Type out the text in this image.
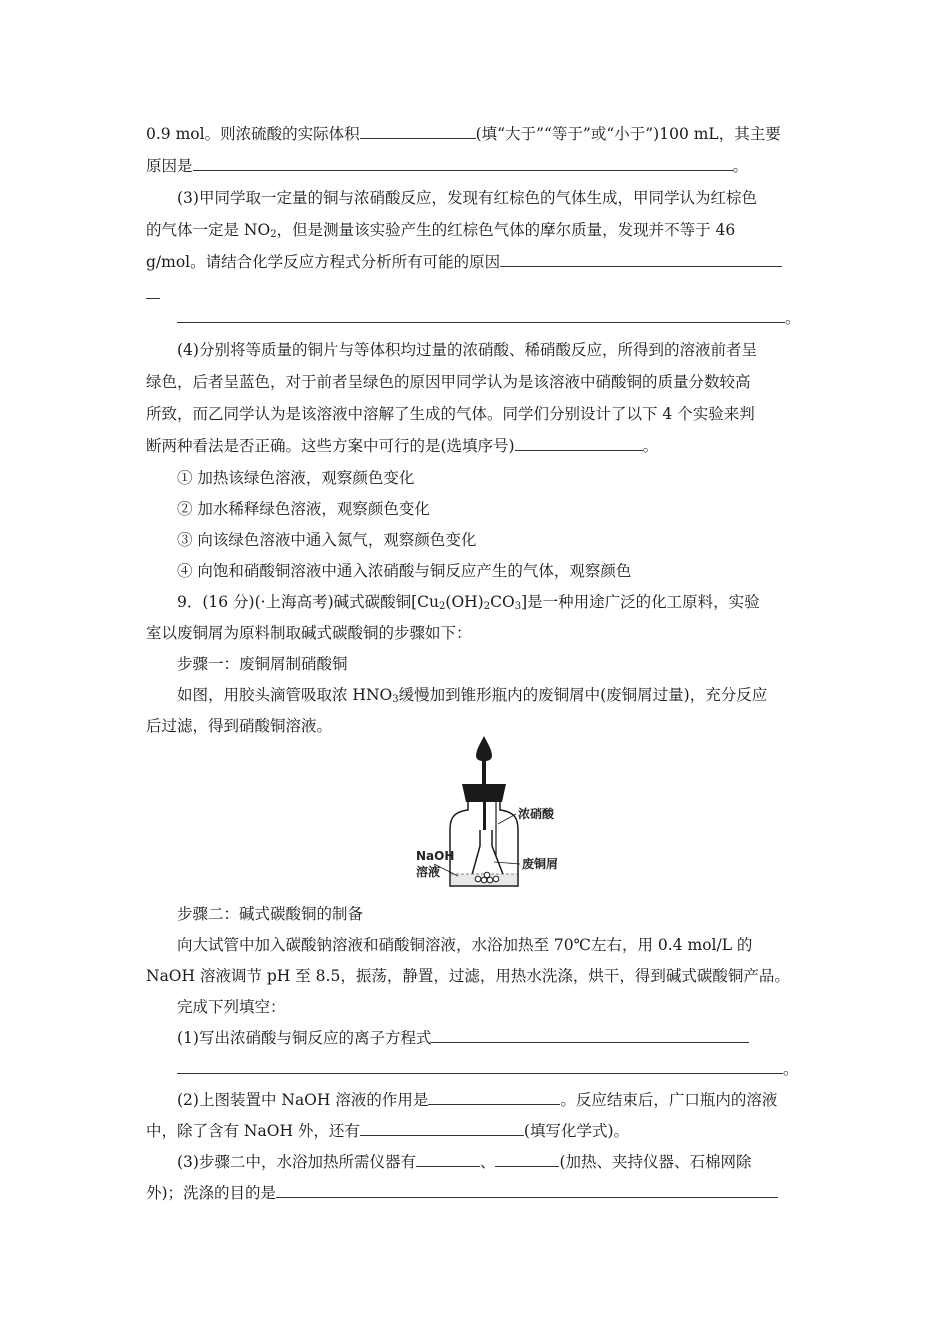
0.9 mol。则浓硫酸的实际体积	(填“大于”“等于”或“小于”)100 mL，其主要
原因是	。
(3)甲同学取一定量的铜与浓硝酸反应，发现有红棕色的气体生成，甲同学认为红棕色
的气体一定是 $NO_2$，但是测量该实验产生的红棕色气体的摩尔质量，发现并不等于 46
g/mol。请结合化学反应方程式分析所有可能的原因
。
(4)分别将等质量的铜片与等体积均过量的浓硝酸、稀硝酸反应，所得到的溶液前者呈
绿色，后者呈蓝色，对于前者呈绿色的原因甲同学认为是该溶液中硝酸铜的质量分数较高
所致，而乙同学认为是该溶液中溶解了生成的气体。同学们分别设计了以下 4 个实验来判
断两种看法是否正确。这些方案中可行的是(选填序号)	。
① 加热该绿色溶液，观察颜色变化
② 加水稀释绿色溶液，观察颜色变化
③ 向该绿色溶液中通入氮气，观察颜色变化
④ 向饱和硝酸铜溶液中通入浓硝酸与铜反应产生的气体，观察颜色
9．(16 分)(·上海高考)碱式碳酸铜$[Cu_2(OH)_2CO_3]$是一种用途广泛的化工原料，实验
室以废铜屑为原料制取碱式碳酸铜的步骤如下：
步骤一：废铜屑制硝酸铜
如图，用胶头滴管吸取浓 $HNO_3$缓慢加到锥形瓶内的废铜屑中(废铜屑过量)，充分反应
后过滤，得到硝酸铜溶液。
浓硝酸
废铜屑
NaOH
溶液
步骤二：碱式碳酸铜的制备
向大试管中加入碳酸钠溶液和硝酸铜溶液，水浴加热至 70℃左右，用 0.4 mol/L 的
NaOH 溶液调节 pH 至 8.5，振荡，静置，过滤，用热水洗涤，烘干，得到碱式碳酸铜产品。
完成下列填空：
(1)写出浓硝酸与铜反应的离子方程式
。
(2)上图装置中 NaOH 溶液的作用是	。反应结束后，广口瓶内的溶液
中，除了含有 NaOH 外，还有	(填写化学式)。
(3)步骤二中，水浴加热所需仪器有	、	(加热、夹持仪器、石棉网除
外)；洗涤的目的是
